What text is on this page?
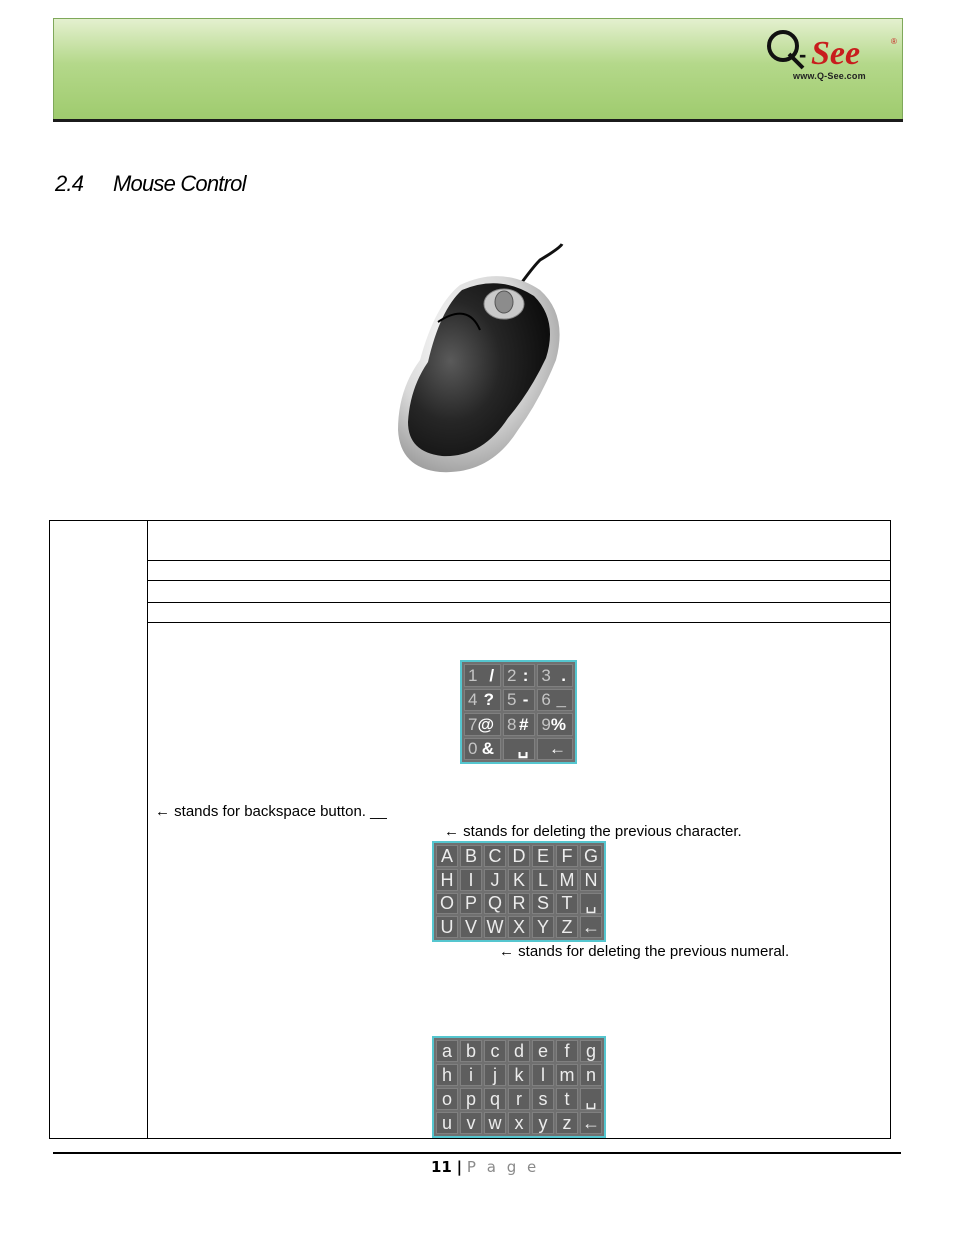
- See	®
www.Q-See.com
2.4 Mouse Control
1 / 2 : 3 .
4 ? 5 - 6 _
7 @ 8 # 9 %
0 & ␣ ←
← stands for backspace button. __
← stands for deleting the previous character.
A B C D E F G
H I J K L M N
O P Q R S T ␣
U V W X Y Z ←
← stands for deleting the previous numeral.
a b c d e f g
h i	j k l m n
o p q r s t ␣
u v w x y z ←
11 | P a g e
